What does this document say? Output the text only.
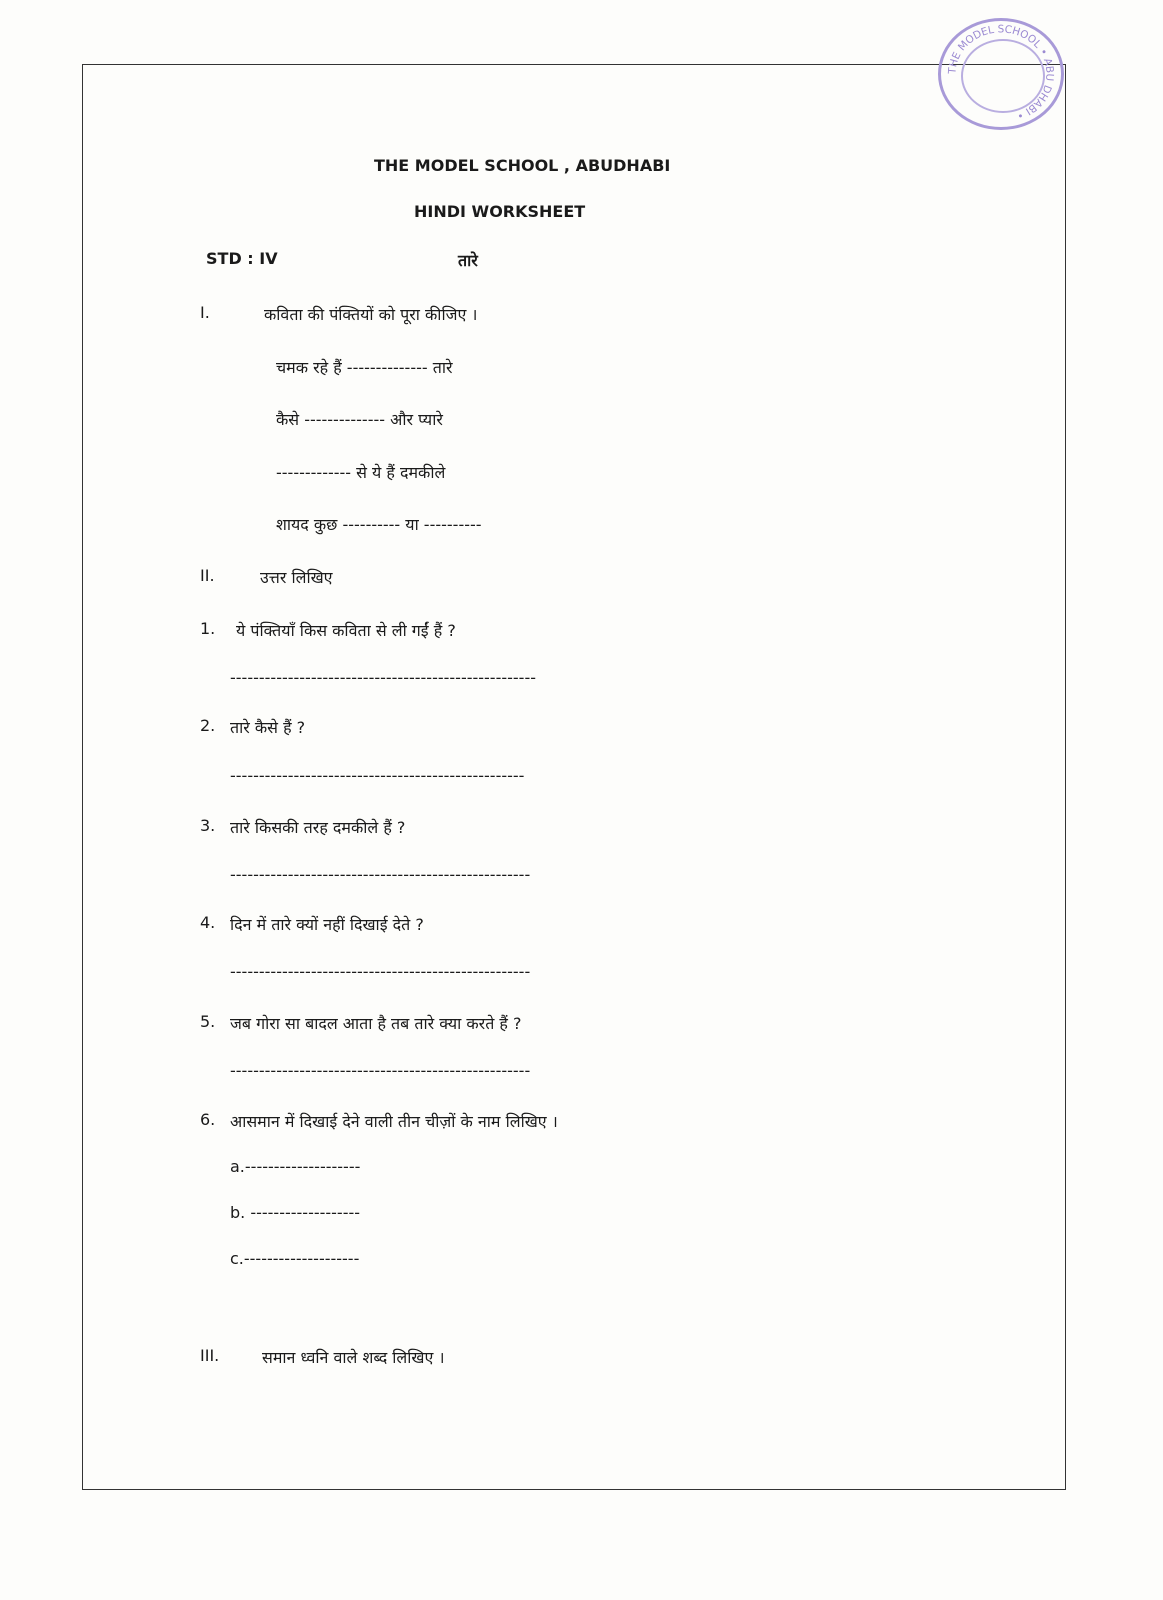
THE MODEL SCHOOL • ABU DHABI •
THE MODEL SCHOOL , ABUDHABI
HINDI WORKSHEET
STD : IV	तारे
I.	कविता की पंक्तियों को पूरा कीजिए ।
चमक रहे हैं -------------- तारे
कैसे -------------- और प्यारे
------------- से ये हैं दमकीले
शायद कुछ ---------- या ----------
II.	उत्तर लिखिए
1. ये पंक्तियाँ किस कविता से ली गईं हैं ?
-----------------------------------------------------
2. तारे कैसे हैं ?
---------------------------------------------------
3. तारे किसकी तरह दमकीले हैं ?
----------------------------------------------------
4. दिन में तारे क्यों नहीं दिखाई देते ?
----------------------------------------------------
5. जब गोरा सा बादल आता है तब तारे क्या करते हैं ?
----------------------------------------------------
6. आसमान में दिखाई देने वाली तीन चीज़ों के नाम लिखिए ।
a.--------------------
b. -------------------
c.--------------------
III.	समान ध्वनि वाले शब्द लिखिए ।
